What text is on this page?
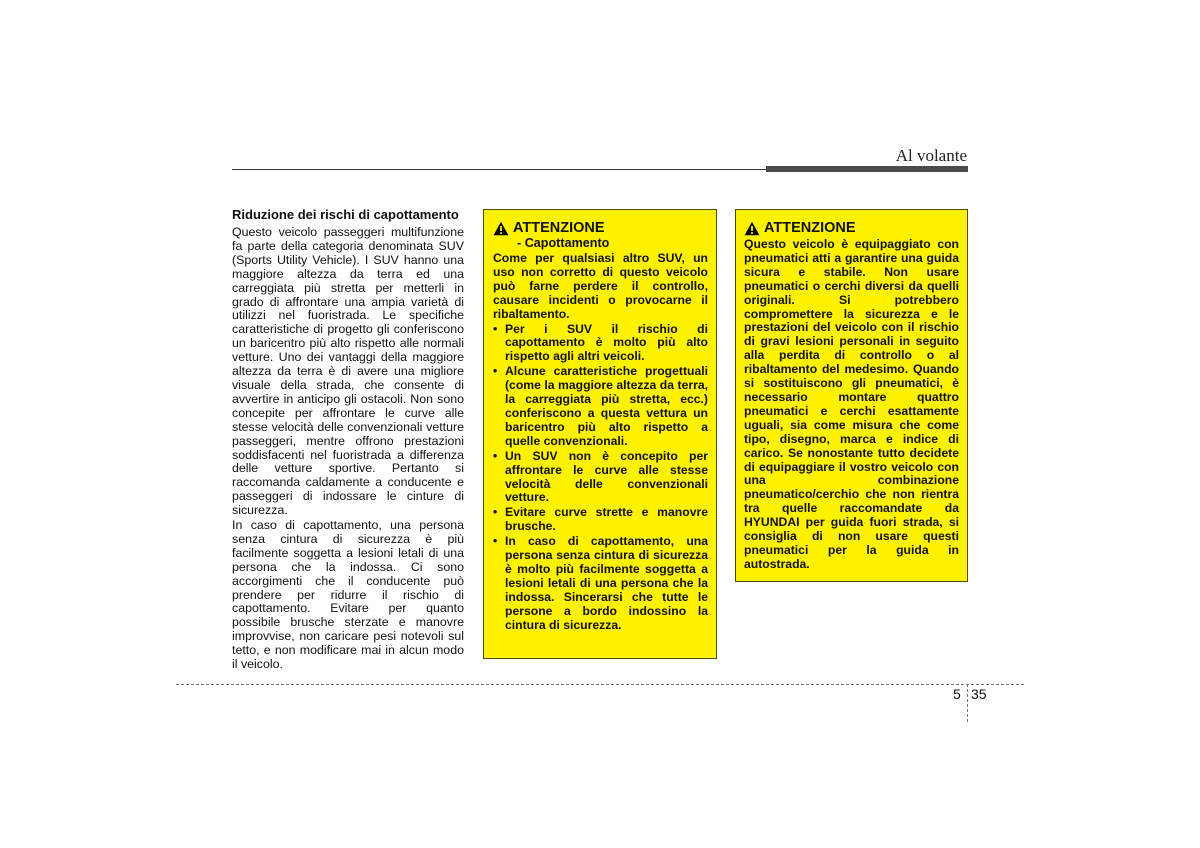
Al volante
Riduzione dei rischi di capottamento

Questo veicolo passeggeri multifunzione fa parte della categoria denominata SUV (Sports Utility Vehicle). I SUV hanno una maggiore altezza da terra ed una carreggiata più stretta per metterli in grado di affrontare una ampia varietà di utilizzi nel fuoristrada. Le specifiche caratteristiche di progetto gli conferiscono un baricentro più alto rispetto alle normali vetture. Uno dei vantaggi della maggiore altezza da terra è di avere una migliore visuale della strada, che consente di avvertire in anticipo gli ostacoli. Non sono concepite per affrontare le curve alle stesse velocità delle convenzionali vetture passeggeri, mentre offrono prestazioni soddisfacenti nel fuoristrada a differenza delle vetture sportive. Pertanto si raccomanda caldamente a conducente e passeggeri di indossare le cinture di sicurezza.

In caso di capottamento, una persona senza cintura di sicurezza è più facilmente soggetta a lesioni letali di una persona che la indossa. Ci sono accorgimenti che il conducente può prendere per ridurre il rischio di capottamento. Evitare per quanto possibile brusche sterzate e manovre improvvise, non caricare pesi notevoli sul tetto, e non modificare mai in alcun modo il veicolo.

ATTENZIONE
- Capottamento

Come per qualsiasi altro SUV, un uso non corretto di questo veicolo può farne perdere il controllo, causare incidenti o provocarne il ribaltamento.

• Per i SUV il rischio di capottamento è molto più alto rispetto agli altri veicoli.
• Alcune caratteristiche progettuali (come la maggiore altezza da terra, la carreggiata più stretta, ecc.) conferiscono a questa vettura un baricentro più alto rispetto a quelle convenzionali.
• Un SUV non è concepito per affrontare le curve alle stesse velocità delle convenzionali vetture.
• Evitare curve strette e manovre brusche.
• In caso di capottamento, una persona senza cintura di sicurezza è molto più facilmente soggetta a lesioni letali di una persona che la indossa. Sincerarsi che tutte le persone a bordo indossino la cintura di sicurezza.
ATTENZIONE

Questo veicolo è equipaggiato con pneumatici atti a garantire una guida sicura e stabile. Non usare pneumatici o cerchi diversi da quelli originali. Si potrebbero compromettere la sicurezza e le prestazioni del veicolo con il rischio di gravi lesioni personali in seguito alla perdita di controllo o al ribaltamento del medesimo. Quando si sostituiscono gli pneumatici, è necessario montare quattro pneumatici e cerchi esattamente uguali, sia come misura che come tipo, disegno, marca e indice di carico. Se nonostante tutto decidete di equipaggiare il vostro veicolo con una combinazione pneumatico/cerchio che non rientra tra quelle raccomandate da HYUNDAI per guida fuori strada, si consiglia di non usare questi pneumatici per la guida in autostrada.

5 35
